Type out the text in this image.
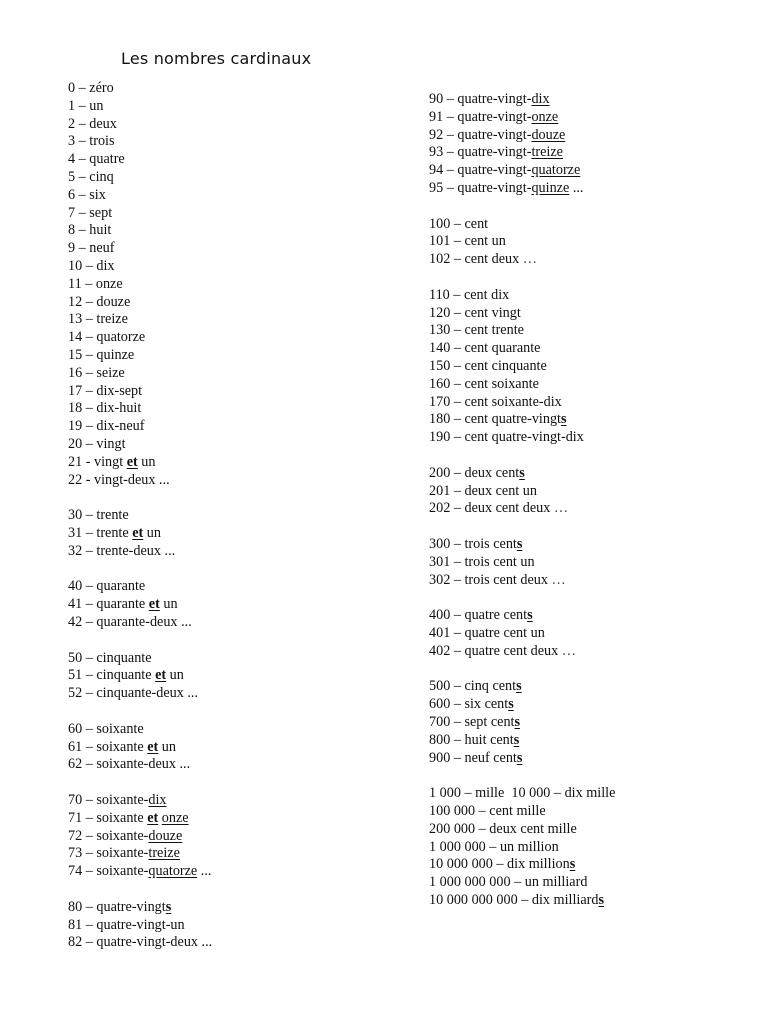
Les nombres cardinaux
0 – zéro
1 – un
2 – deux
3 – trois
4 – quatre
5 – cinq
6 – six
7 – sept
8 – huit
9 – neuf
10 – dix
11 – onze
12 – douze
13 – treize
14 – quatorze
15 – quinze
16 – seize
17 – dix-sept
18 – dix-huit
19 – dix-neuf
20 – vingt
21 - vingt et un
22 - vingt-deux ...
30 – trente
31 – trente et un
32 – trente-deux ...
40 – quarante
41 – quarante et un
42 – quarante-deux ...
50 – cinquante
51 – cinquante et un
52 – cinquante-deux ...
60 – soixante
61 – soixante et un
62 – soixante-deux ...
70 – soixante-dix
71 – soixante et onze
72 – soixante-douze
73 – soixante-treize
74 – soixante-quatorze ...
80 – quatre-vingts
81 – quatre-vingt-un
82 – quatre-vingt-deux ...
90 – quatre-vingt-dix
91 – quatre-vingt-onze
92 – quatre-vingt-douze
93 – quatre-vingt-treize
94 – quatre-vingt-quatorze
95 – quatre-vingt-quinze ...
100 – cent
101 – cent un
102 – cent deux …
110 – cent dix
120 – cent vingt
130 – cent trente
140 – cent quarante
150 – cent cinquante
160 – cent soixante
170 – cent soixante-dix
180 – cent quatre-vingts
190 – cent quatre-vingt-dix
200 – deux cents
201 – deux cent un
202 – deux cent deux …
300 – trois cents
301 – trois cent un
302 – trois cent deux …
400 – quatre cents
401 – quatre cent un
402 – quatre cent deux …
500 – cinq cents
600 – six cents
700 – sept cents
800 – huit cents
900 – neuf cents
1 000 – mille  10 000 – dix mille
100 000 – cent mille
200 000 – deux cent mille
1 000 000 – un million
10 000 000 – dix millions
1 000 000 000 – un milliard
10 000 000 000 – dix milliards
